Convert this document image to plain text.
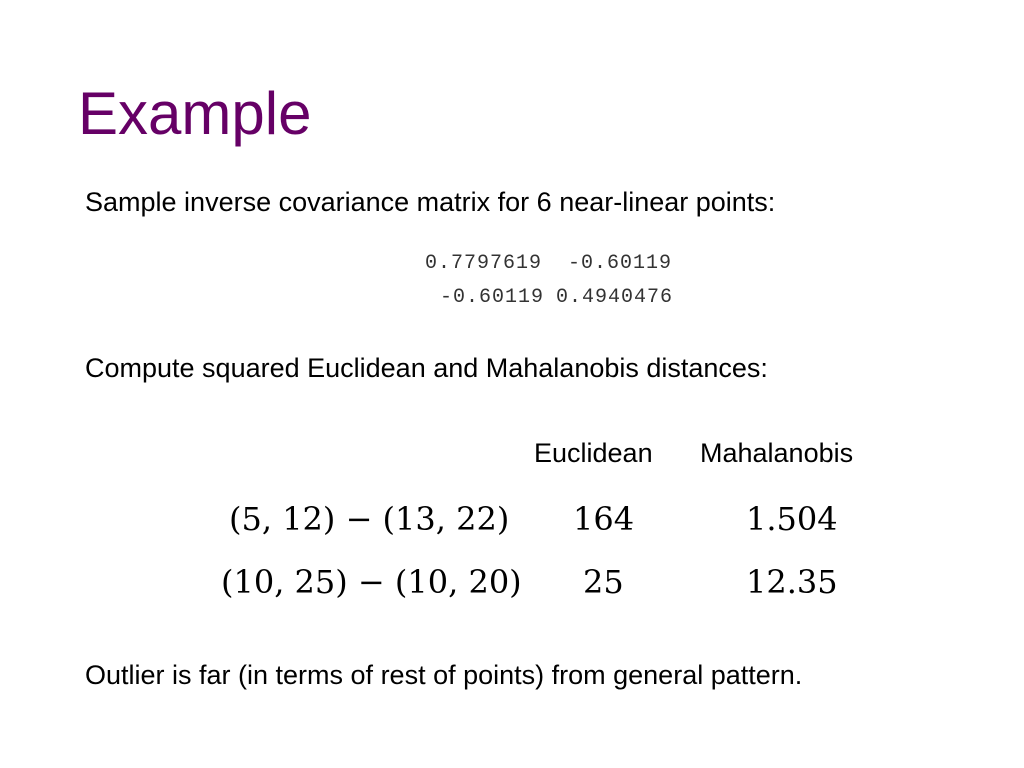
Example
Sample inverse covariance matrix for 6 near-linear points:
0.7797619 -0.60119
-0.60119 0.4940476
Compute squared Euclidean and Mahalanobis distances:
Euclidean Mahalanobis
(5, 12) − (13, 22) 164	1.504
(10, 25) − (10, 20) 25	12.35
Outlier is far (in terms of rest of points) from general pattern.
